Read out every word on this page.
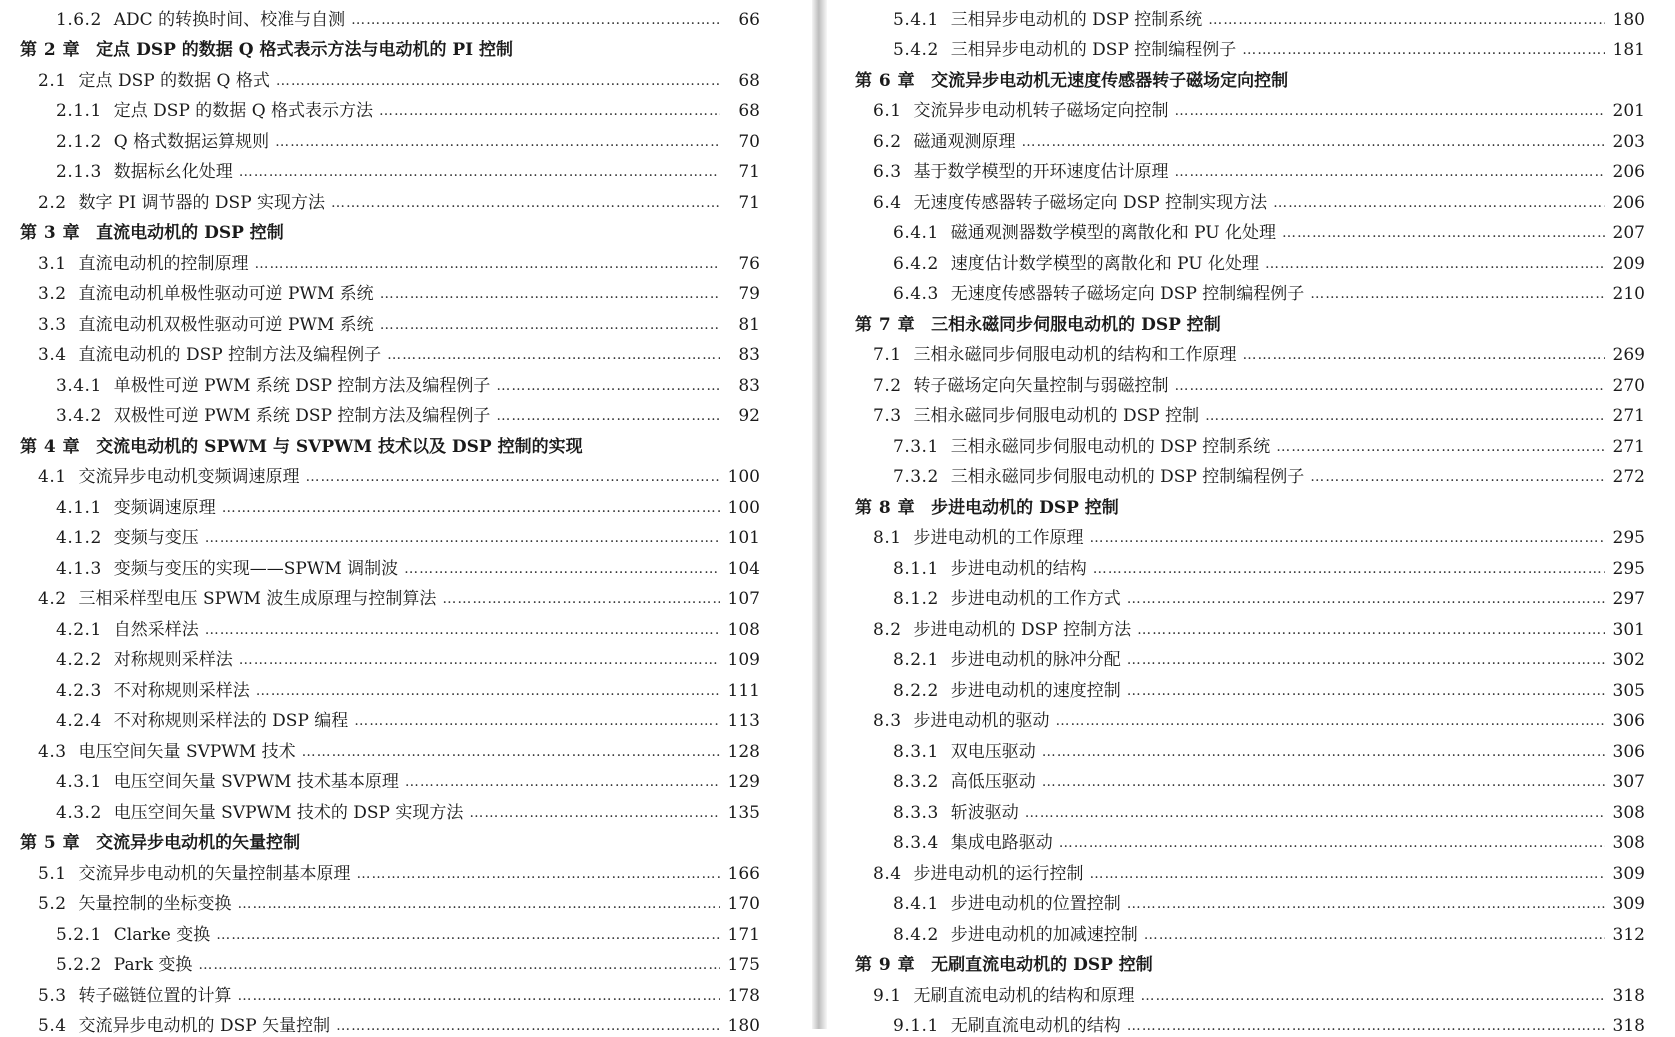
1.6.2 ADC 的转换时间、校准与自测 ……………………………………………………………………………………………………………………………………………………………………………………………………………………	66
第 2 章 定点 DSP 的数据 Q 格式表示方法与电动机的 PI 控制
2.1 定点 DSP 的数据 Q 格式 ……………………………………………………………………………………………………………………………………………………………………………………………………………………	68
2.1.1 定点 DSP 的数据 Q 格式表示方法 ……………………………………………………………………………………………………………………………………………………………………………………………………………………	68
2.1.2 Q 格式数据运算规则 ……………………………………………………………………………………………………………………………………………………………………………………………………………………	70
2.1.3 数据标幺化处理 ……………………………………………………………………………………………………………………………………………………………………………………………………………………	71
2.2 数字 PI 调节器的 DSP 实现方法 ……………………………………………………………………………………………………………………………………………………………………………………………………………………	71
第 3 章 直流电动机的 DSP 控制
3.1 直流电动机的控制原理 ……………………………………………………………………………………………………………………………………………………………………………………………………………………	76
3.2 直流电动机单极性驱动可逆 PWM 系统 ……………………………………………………………………………………………………………………………………………………………………………………………………………………	79
3.3 直流电动机双极性驱动可逆 PWM 系统 ……………………………………………………………………………………………………………………………………………………………………………………………………………………	81
3.4 直流电动机的 DSP 控制方法及编程例子 ……………………………………………………………………………………………………………………………………………………………………………………………………………………	83
3.4.1 单极性可逆 PWM 系统 DSP 控制方法及编程例子 ……………………………………………………………………………………………………………………………………………………………………………………………………………………	83
3.4.2 双极性可逆 PWM 系统 DSP 控制方法及编程例子 ……………………………………………………………………………………………………………………………………………………………………………………………………………………	92
第 4 章 交流电动机的 SPWM 与 SVPWM 技术以及 DSP 控制的实现
4.1 交流异步电动机变频调速原理 ……………………………………………………………………………………………………………………………………………………………………………………………………………………	100
4.1.1 变频调速原理 ……………………………………………………………………………………………………………………………………………………………………………………………………………………	100
4.1.2 变频与变压 ……………………………………………………………………………………………………………………………………………………………………………………………………………………	101
4.1.3 变频与变压的实现——SPWM 调制波 ……………………………………………………………………………………………………………………………………………………………………………………………………………………	104
4.2 三相采样型电压 SPWM 波生成原理与控制算法 ……………………………………………………………………………………………………………………………………………………………………………………………………………………	107
4.2.1 自然采样法 ……………………………………………………………………………………………………………………………………………………………………………………………………………………	108
4.2.2 对称规则采样法 ……………………………………………………………………………………………………………………………………………………………………………………………………………………	109
4.2.3 不对称规则采样法 ……………………………………………………………………………………………………………………………………………………………………………………………………………………	111
4.2.4 不对称规则采样法的 DSP 编程 ……………………………………………………………………………………………………………………………………………………………………………………………………………………	113
4.3 电压空间矢量 SVPWM 技术 ……………………………………………………………………………………………………………………………………………………………………………………………………………………	128
4.3.1 电压空间矢量 SVPWM 技术基本原理 ……………………………………………………………………………………………………………………………………………………………………………………………………………………	129
4.3.2 电压空间矢量 SVPWM 技术的 DSP 实现方法 ……………………………………………………………………………………………………………………………………………………………………………………………………………………	135
第 5 章 交流异步电动机的矢量控制
5.1 交流异步电动机的矢量控制基本原理 ……………………………………………………………………………………………………………………………………………………………………………………………………………………	166
5.2 矢量控制的坐标变换 ……………………………………………………………………………………………………………………………………………………………………………………………………………………	170
5.2.1 Clarke 变换 ……………………………………………………………………………………………………………………………………………………………………………………………………………………	171
5.2.2 Park 变换 ……………………………………………………………………………………………………………………………………………………………………………………………………………………	175
5.3 转子磁链位置的计算 ……………………………………………………………………………………………………………………………………………………………………………………………………………………	178
5.4 交流异步电动机的 DSP 矢量控制 ……………………………………………………………………………………………………………………………………………………………………………………………………………………	180
5.4.1 三相异步电动机的 DSP 控制系统 ……………………………………………………………………………………………………………………………………………………………………………………………………………………	180
5.4.2 三相异步电动机的 DSP 控制编程例子 ……………………………………………………………………………………………………………………………………………………………………………………………………………………	181
第 6 章 交流异步电动机无速度传感器转子磁场定向控制
6.1 交流异步电动机转子磁场定向控制 ……………………………………………………………………………………………………………………………………………………………………………………………………………………	201
6.2 磁通观测原理 ……………………………………………………………………………………………………………………………………………………………………………………………………………………	203
6.3 基于数学模型的开环速度估计原理 ……………………………………………………………………………………………………………………………………………………………………………………………………………………	206
6.4 无速度传感器转子磁场定向 DSP 控制实现方法 ……………………………………………………………………………………………………………………………………………………………………………………………………………………	206
6.4.1 磁通观测器数学模型的离散化和 PU 化处理 ……………………………………………………………………………………………………………………………………………………………………………………………………………………	207
6.4.2 速度估计数学模型的离散化和 PU 化处理 ……………………………………………………………………………………………………………………………………………………………………………………………………………………	209
6.4.3 无速度传感器转子磁场定向 DSP 控制编程例子 ……………………………………………………………………………………………………………………………………………………………………………………………………………………	210
第 7 章 三相永磁同步伺服电动机的 DSP 控制
7.1 三相永磁同步伺服电动机的结构和工作原理 ……………………………………………………………………………………………………………………………………………………………………………………………………………………	269
7.2 转子磁场定向矢量控制与弱磁控制 ……………………………………………………………………………………………………………………………………………………………………………………………………………………	270
7.3 三相永磁同步伺服电动机的 DSP 控制 ……………………………………………………………………………………………………………………………………………………………………………………………………………………	271
7.3.1 三相永磁同步伺服电动机的 DSP 控制系统 ……………………………………………………………………………………………………………………………………………………………………………………………………………………	271
7.3.2 三相永磁同步伺服电动机的 DSP 控制编程例子 ……………………………………………………………………………………………………………………………………………………………………………………………………………………	272
第 8 章 步进电动机的 DSP 控制
8.1 步进电动机的工作原理 ……………………………………………………………………………………………………………………………………………………………………………………………………………………	295
8.1.1 步进电动机的结构 ……………………………………………………………………………………………………………………………………………………………………………………………………………………	295
8.1.2 步进电动机的工作方式 ……………………………………………………………………………………………………………………………………………………………………………………………………………………	297
8.2 步进电动机的 DSP 控制方法 ……………………………………………………………………………………………………………………………………………………………………………………………………………………	301
8.2.1 步进电动机的脉冲分配 ……………………………………………………………………………………………………………………………………………………………………………………………………………………	302
8.2.2 步进电动机的速度控制 ……………………………………………………………………………………………………………………………………………………………………………………………………………………	305
8.3 步进电动机的驱动 ……………………………………………………………………………………………………………………………………………………………………………………………………………………	306
8.3.1 双电压驱动 ……………………………………………………………………………………………………………………………………………………………………………………………………………………	306
8.3.2 高低压驱动 ……………………………………………………………………………………………………………………………………………………………………………………………………………………	307
8.3.3 斩波驱动 ……………………………………………………………………………………………………………………………………………………………………………………………………………………	308
8.3.4 集成电路驱动 ……………………………………………………………………………………………………………………………………………………………………………………………………………………	308
8.4 步进电动机的运行控制 ……………………………………………………………………………………………………………………………………………………………………………………………………………………	309
8.4.1 步进电动机的位置控制 ……………………………………………………………………………………………………………………………………………………………………………………………………………………	309
8.4.2 步进电动机的加减速控制 ……………………………………………………………………………………………………………………………………………………………………………………………………………………	312
第 9 章 无刷直流电动机的 DSP 控制
9.1 无刷直流电动机的结构和原理 ……………………………………………………………………………………………………………………………………………………………………………………………………………………	318
9.1.1 无刷直流电动机的结构 ……………………………………………………………………………………………………………………………………………………………………………………………………………………	318
